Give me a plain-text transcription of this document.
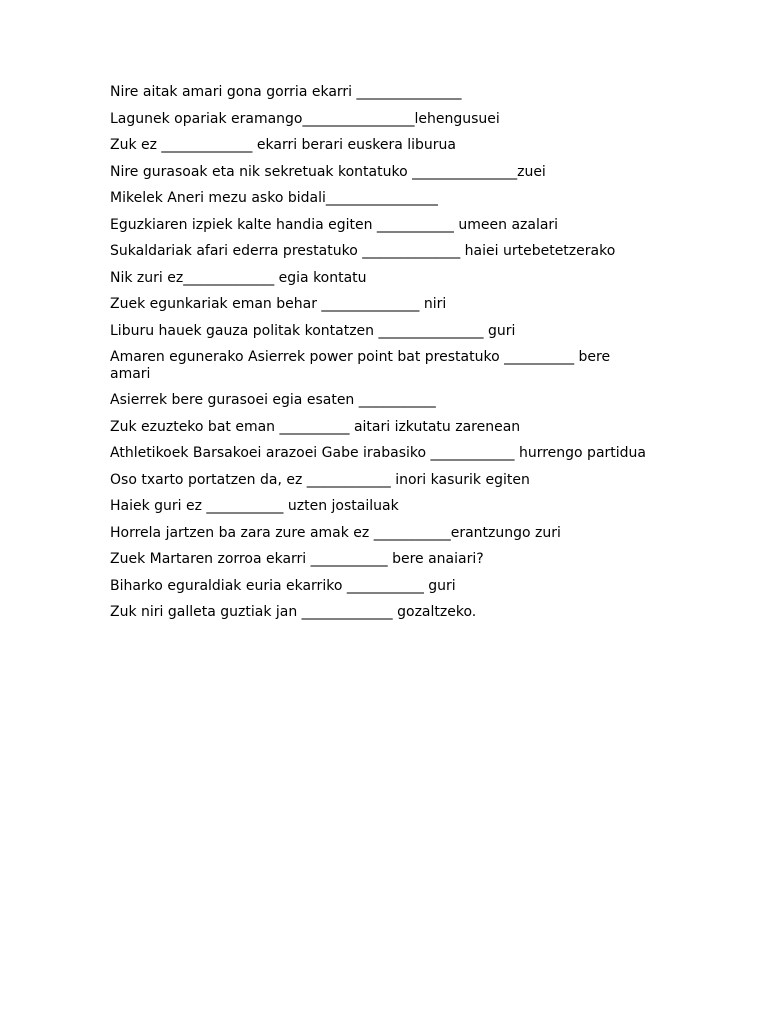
Nire aitak amari gona gorria ekarri _______________

Lagunek opariak eramango________________lehengusuei

Zuk ez _____________ ekarri berari euskera liburua

Nire gurasoak eta nik sekretuak kontatuko _______________zuei

Mikelek Aneri mezu asko bidali________________

Eguzkiaren izpiek kalte handia egiten ___________ umeen azalari

Sukaldariak afari ederra prestatuko ______________ haiei urtebetetzerako

Nik zuri ez_____________ egia kontatu

Zuek egunkariak eman behar ______________ niri

Liburu hauek gauza politak kontatzen _______________ guri

Amaren egunerako Asierrek power point bat prestatuko __________ bere amari

Asierrek bere gurasoei egia esaten ___________

Zuk ezuzteko bat eman __________ aitari izkutatu zarenean

Athletikoek Barsakoei arazoei Gabe irabasiko ____________ hurrengo partidua

Oso txarto portatzen da, ez ____________ inori kasurik egiten

Haiek guri ez ___________ uzten jostailuak

Horrela jartzen ba zara zure amak ez ___________erantzungo zuri

Zuek Martaren zorroa ekarri ___________ bere anaiari?

Biharko eguraldiak euria ekarriko ___________ guri

Zuk niri galleta guztiak jan _____________ gozaltzeko.
